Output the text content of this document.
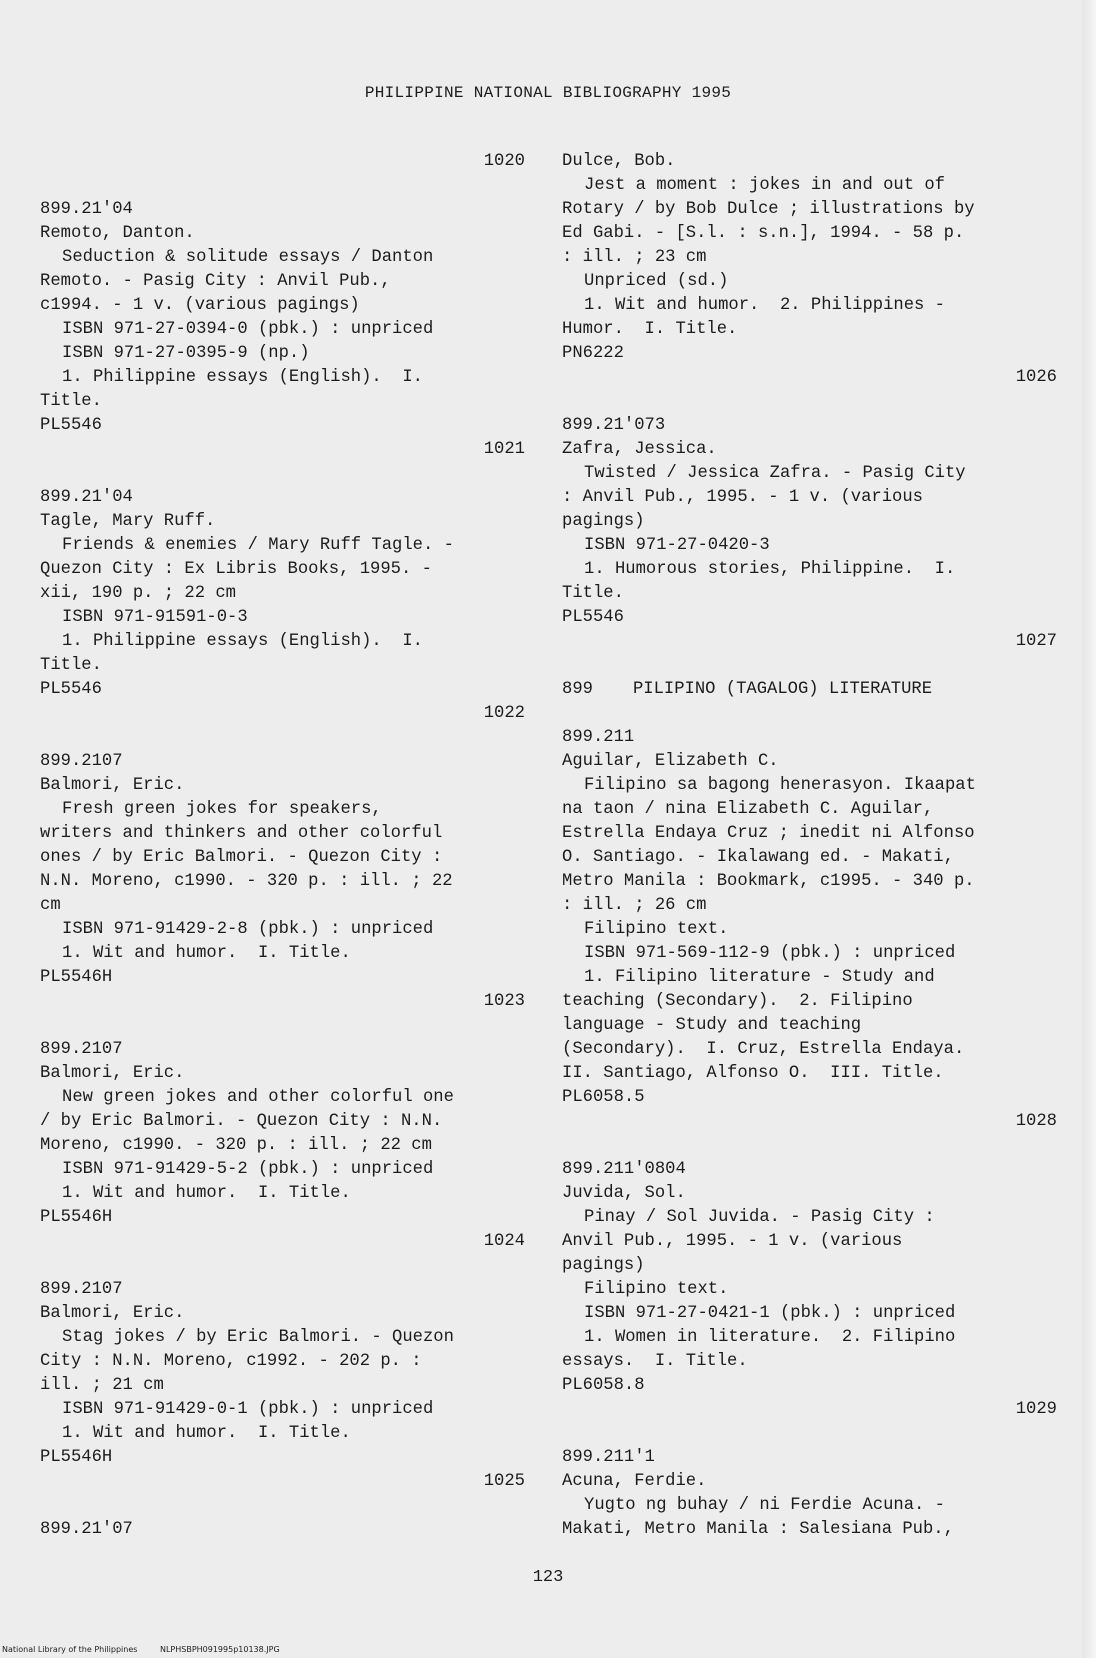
PHILIPPINE NATIONAL BIBLIOGRAPHY 1995
1020
899.21'04
Remoto, Danton.
Seduction & solitude essays / Danton
Remoto. - Pasig City : Anvil Pub.,
c1994. - 1 v. (various pagings)
ISBN 971-27-0394-0 (pbk.) : unpriced
ISBN 971-27-0395-9 (np.)
1. Philippine essays (English).  I.
Title.
PL5546
1021
899.21'04
Tagle, Mary Ruff.
Friends & enemies / Mary Ruff Tagle. -
Quezon City : Ex Libris Books, 1995. -
xii, 190 p. ; 22 cm
ISBN 971-91591-0-3
1. Philippine essays (English).  I.
Title.
PL5546
1022
899.2107
Balmori, Eric.
Fresh green jokes for speakers,
writers and thinkers and other colorful
ones / by Eric Balmori. - Quezon City :
N.N. Moreno, c1990. - 320 p. : ill. ; 22
cm
ISBN 971-91429-2-8 (pbk.) : unpriced
1. Wit and humor.  I. Title.
PL5546H
1023
899.2107
Balmori, Eric.
New green jokes and other colorful one
/ by Eric Balmori. - Quezon City : N.N.
Moreno, c1990. - 320 p. : ill. ; 22 cm
ISBN 971-91429-5-2 (pbk.) : unpriced
1. Wit and humor.  I. Title.
PL5546H
1024
899.2107
Balmori, Eric.
Stag jokes / by Eric Balmori. - Quezon
City : N.N. Moreno, c1992. - 202 p. :
ill. ; 21 cm
ISBN 971-91429-0-1 (pbk.) : unpriced
1. Wit and humor.  I. Title.
PL5546H
1025
899.21'07
Dulce, Bob.
Jest a moment : jokes in and out of
Rotary / by Bob Dulce ; illustrations by
Ed Gabi. - [S.l. : s.n.], 1994. - 58 p.
: ill. ; 23 cm
Unpriced (sd.)
1. Wit and humor.  2. Philippines -
Humor.  I. Title.
PN6222
1026
899.21'073
Zafra, Jessica.
Twisted / Jessica Zafra. - Pasig City
: Anvil Pub., 1995. - 1 v. (various
pagings)
ISBN 971-27-0420-3
1. Humorous stories, Philippine.  I.
Title.
PL5546
1027
899 PILIPINO (TAGALOG) LITERATURE
899.211
Aguilar, Elizabeth C.
Filipino sa bagong henerasyon. Ikaapat
na taon / nina Elizabeth C. Aguilar,
Estrella Endaya Cruz ; inedit ni Alfonso
O. Santiago. - Ikalawang ed. - Makati,
Metro Manila : Bookmark, c1995. - 340 p.
: ill. ; 26 cm
Filipino text.
ISBN 971-569-112-9 (pbk.) : unpriced
1. Filipino literature - Study and
teaching (Secondary).  2. Filipino
language - Study and teaching
(Secondary).  I. Cruz, Estrella Endaya.
II. Santiago, Alfonso O.  III. Title.
PL6058.5
1028
899.211'0804
Juvida, Sol.
Pinay / Sol Juvida. - Pasig City :
Anvil Pub., 1995. - 1 v. (various
pagings)
Filipino text.
ISBN 971-27-0421-1 (pbk.) : unpriced
1. Women in literature.  2. Filipino
essays.  I. Title.
PL6058.8
1029
899.211'1
Acuna, Ferdie.
Yugto ng buhay / ni Ferdie Acuna. -
Makati, Metro Manila : Salesiana Pub.,
123
National Library of the Philippines	NLPHSBPH091995p10138.JPG
